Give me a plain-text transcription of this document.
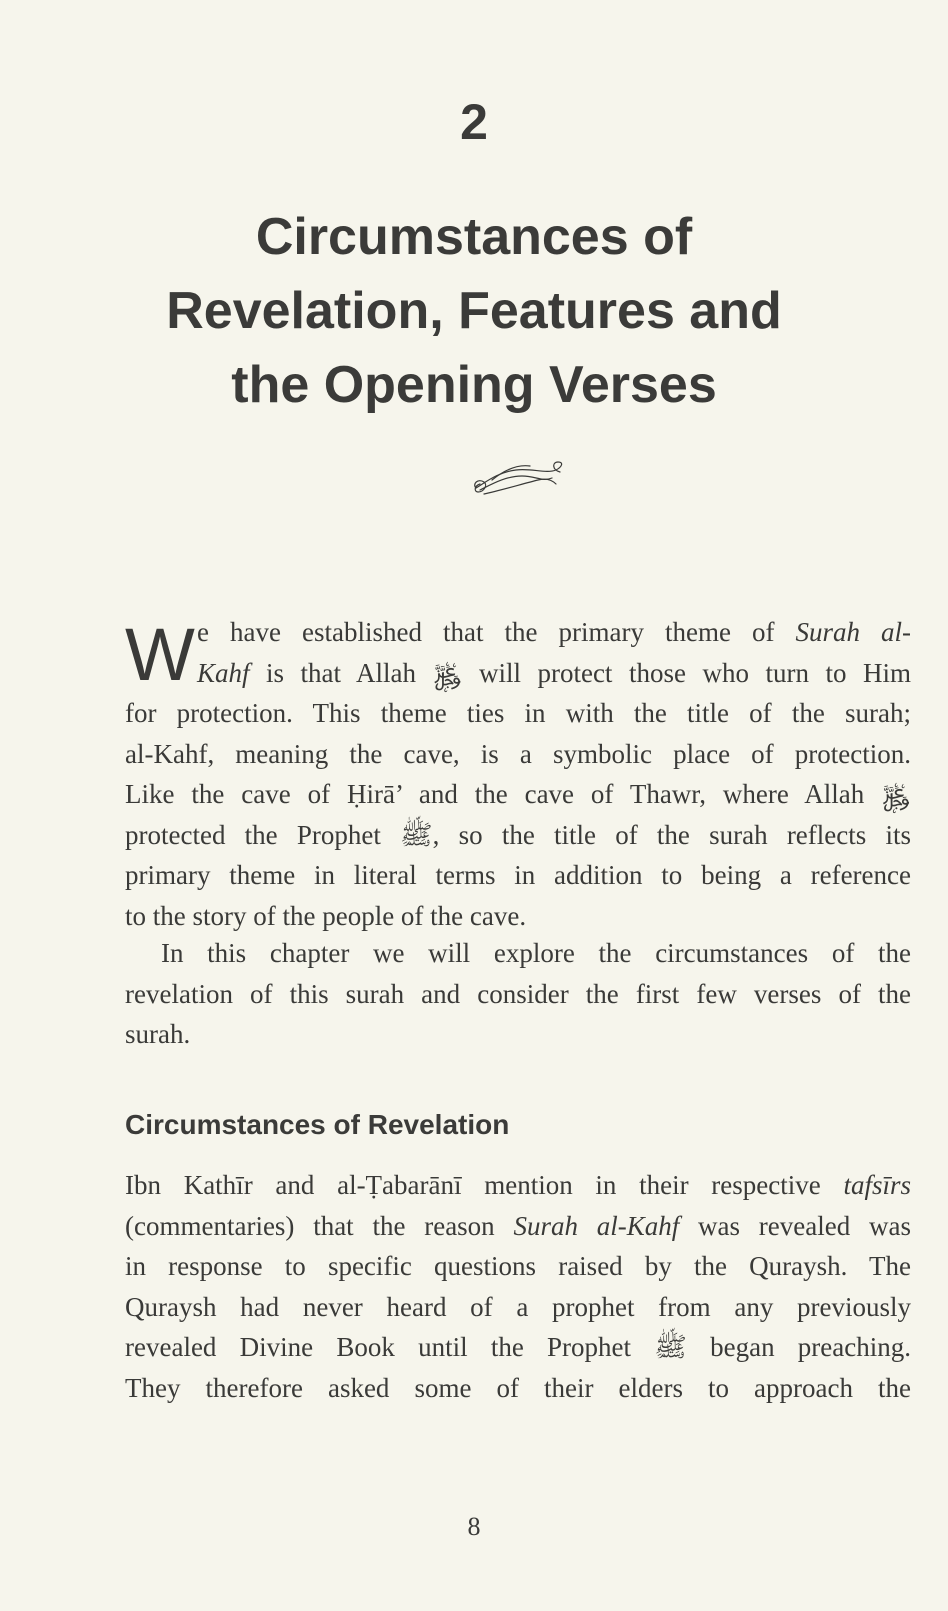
2
Circumstances of
Revelation, Features and
the Opening Verses
W e have established that the primary theme of Surah al-
Kahf is that Allah ﷿ will protect those who turn to Him
for protection. This theme ties in with the title of the surah;
al-Kahf, meaning the cave, is a symbolic place of protection.
Like the cave of Ḥirā’ and the cave of Thawr, where Allah ﷿
protected the Prophet ﷺ, so the title of the surah reflects its
primary theme in literal terms in addition to being a reference
to the story of the people of the cave.
In this chapter we will explore the circumstances of the
revelation of this surah and consider the first few verses of the
surah.
Circumstances of Revelation
Ibn Kathīr and al-Ṭabarānī mention in their respective tafsīrs
(commentaries) that the reason Surah al-Kahf was revealed was
in response to specific questions raised by the Quraysh. The
Quraysh had never heard of a prophet from any previously
revealed Divine Book until the Prophet ﷺ began preaching.
They therefore asked some of their elders to approach the
8
